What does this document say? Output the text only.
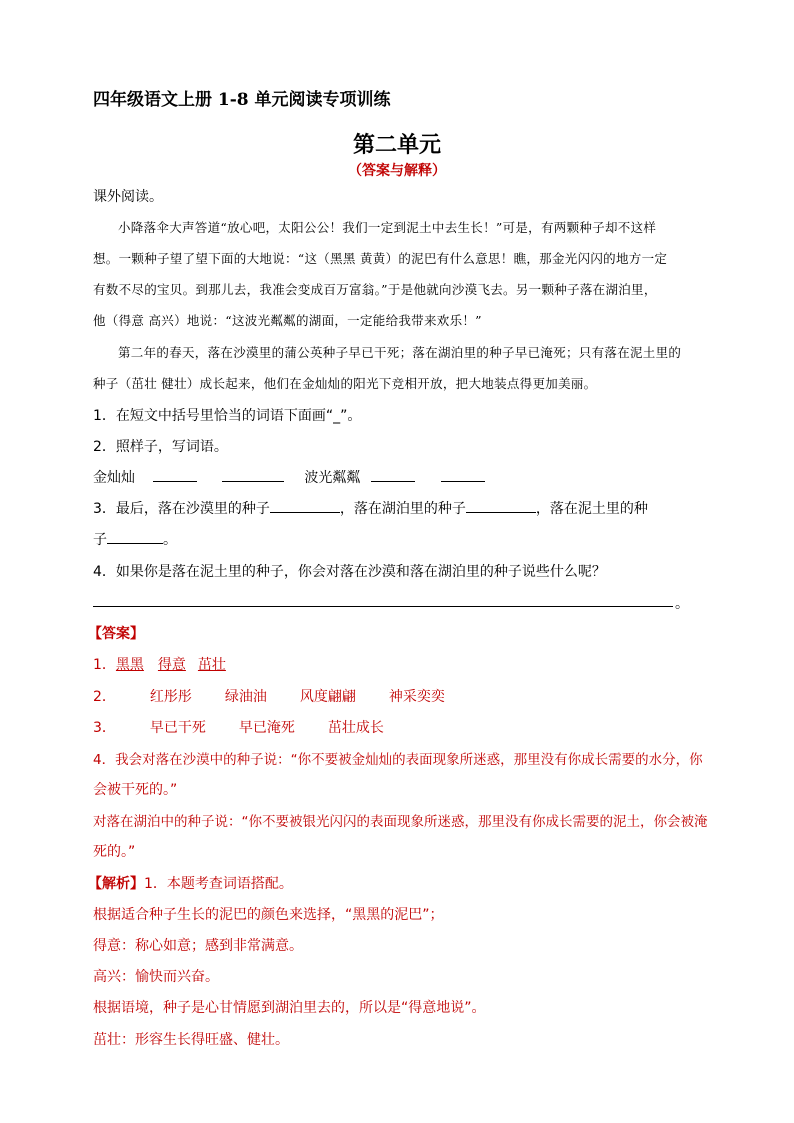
四年级语文上册 1-8 单元阅读专项训练
第二单元
（答案与解释）
课外阅读。
小降落伞大声答道“放心吧，太阳公公！我们一定到泥土中去生长！”可是，有两颗种子却不这样
想。一颗种子望了望下面的大地说：“这（黑黑 黄黄）的泥巴有什么意思！瞧，那金光闪闪的地方一定
有数不尽的宝贝。到那儿去，我准会变成百万富翁。”于是他就向沙漠飞去。另一颗种子落在湖泊里，
他（得意 高兴）地说：“这波光粼粼的湖面，一定能给我带来欢乐！”
第二年的春天，落在沙漠里的蒲公英种子早已干死；落在湖泊里的种子早已淹死；只有落在泥土里的
种子（茁壮 健壮）成长起来，他们在金灿灿的阳光下竞相开放，把大地装点得更加美丽。
1．在短文中括号里恰当的词语下面画“_”。
2．照样子，写词语。
金灿灿	波光粼粼
3．最后，落在沙漠里的种子	，落在湖泊里的种子	，落在泥土里的种
子	。
4．如果你是落在泥土里的种子，你会对落在沙漠和落在湖泊里的种子说些什么呢？
。
【答案】
1．黑黑 得意 茁壮
2． 红彤彤 绿油油 风度翩翩 神采奕奕
3． 早已干死 早已淹死 茁壮成长
4．我会对落在沙漠中的种子说：“你不要被金灿灿的表面现象所迷惑，那里没有你成长需要的水分，你
会被干死的。”
对落在湖泊中的种子说：“你不要被银光闪闪的表面现象所迷惑，那里没有你成长需要的泥土，你会被淹
死的。”
【解析】1．本题考查词语搭配。
根据适合种子生长的泥巴的颜色来选择，“黑黑的泥巴”；
得意：称心如意；感到非常满意。
高兴：愉快而兴奋。
根据语境，种子是心甘情愿到湖泊里去的，所以是“得意地说”。
茁壮：形容生长得旺盛、健壮。
